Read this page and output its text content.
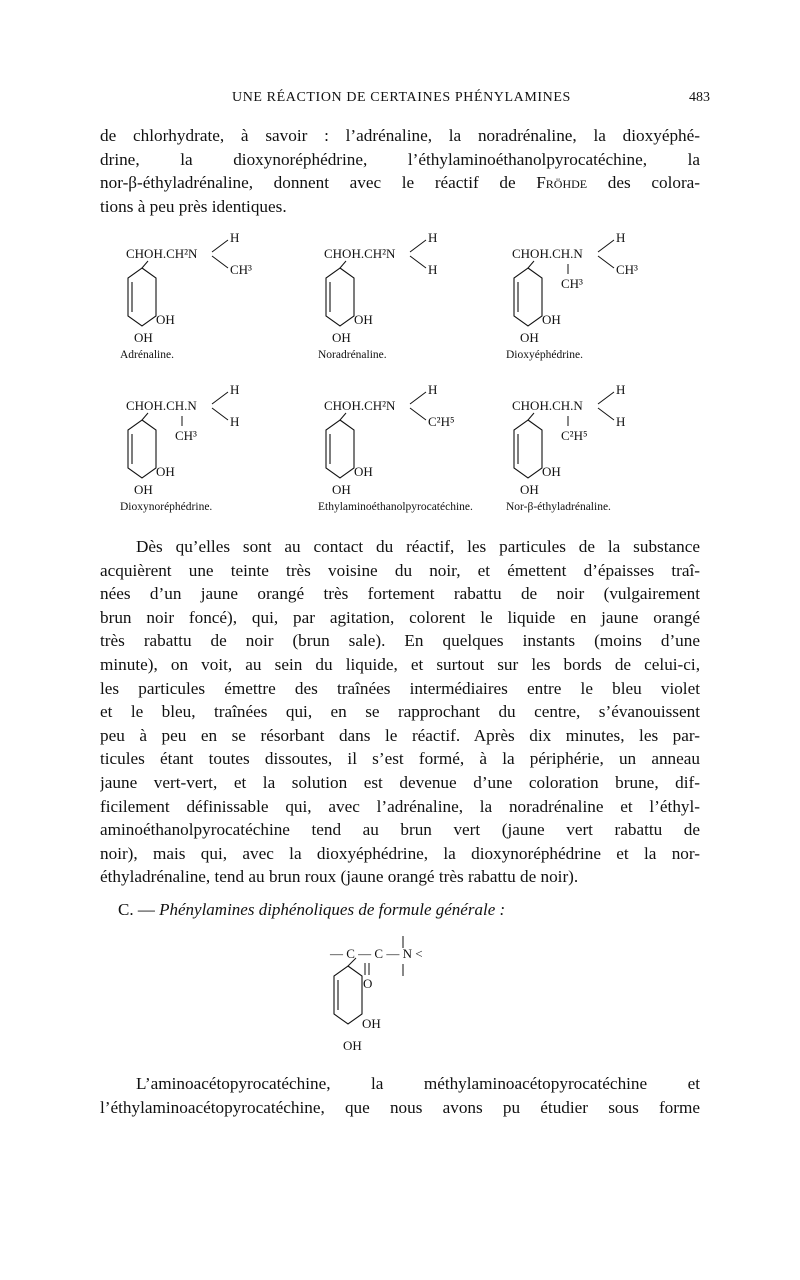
UNE RÉACTION DE CERTAINES PHÉNYLAMINES	483
de chlorhydrate, à savoir : l’adrénaline, la noradrénaline, la dioxyéphé-
drine, la dioxynoréphédrine, l’éthylaminoéthanolpyrocatéchine, la
nor-β-éthyladrénaline, donnent avec le réactif de Fröhde des colora-
tions à peu près identiques.
CHOH.CH²N
H
CH³
OH
OH
Adrénaline.
CHOH.CH²N
H
H
OH
OH
Noradrénaline.
CHOH.CH.N
H
CH³
CH³
OH
OH
Dioxyéphédrine.
CHOH.CH.N
H
H
CH³
OH
OH
Dioxynoréphédrine.
CHOH.CH²N
H
C²H⁵
OH
OH
Ethylaminoéthanolpyrocatéchine.
CHOH.CH.N
H
H
C²H⁵
OH
OH
Nor-β-éthyladrénaline.
Dès qu’elles sont au contact du réactif, les particules de la substance
acquièrent une teinte très voisine du noir, et émettent d’épaisses traî-
nées d’un jaune orangé très fortement rabattu de noir (vulgairement
brun noir foncé), qui, par agitation, colorent le liquide en jaune orangé
très rabattu de noir (brun sale). En quelques instants (moins d’une
minute), on voit, au sein du liquide, et surtout sur les bords de celui-ci,
les particules émettre des traînées intermédiaires entre le bleu violet
et le bleu, traînées qui, en se rapprochant du centre, s’évanouissent
peu à peu en se résorbant dans le réactif. Après dix minutes, les par-
ticules étant toutes dissoutes, il s’est formé, à la périphérie, un anneau
jaune vert-vert, et la solution est devenue d’une coloration brune, dif-
ficilement définissable qui, avec l’adrénaline, la noradrénaline et l’éthyl-
aminoéthanolpyrocatéchine tend au brun vert (jaune vert rabattu de
noir), mais qui, avec la dioxyéphédrine, la dioxynoréphédrine et la nor-
éthyladrénaline, tend au brun roux (jaune orangé très rabattu de noir).
C. — Phénylamines diphénoliques de formule générale :
— C — C — N <
O
OH
OH
L’aminoacétopyrocatéchine, la méthylaminoacétopyrocatéchine et
l’éthylaminoacétopyrocatéchine, que nous avons pu étudier sous forme
